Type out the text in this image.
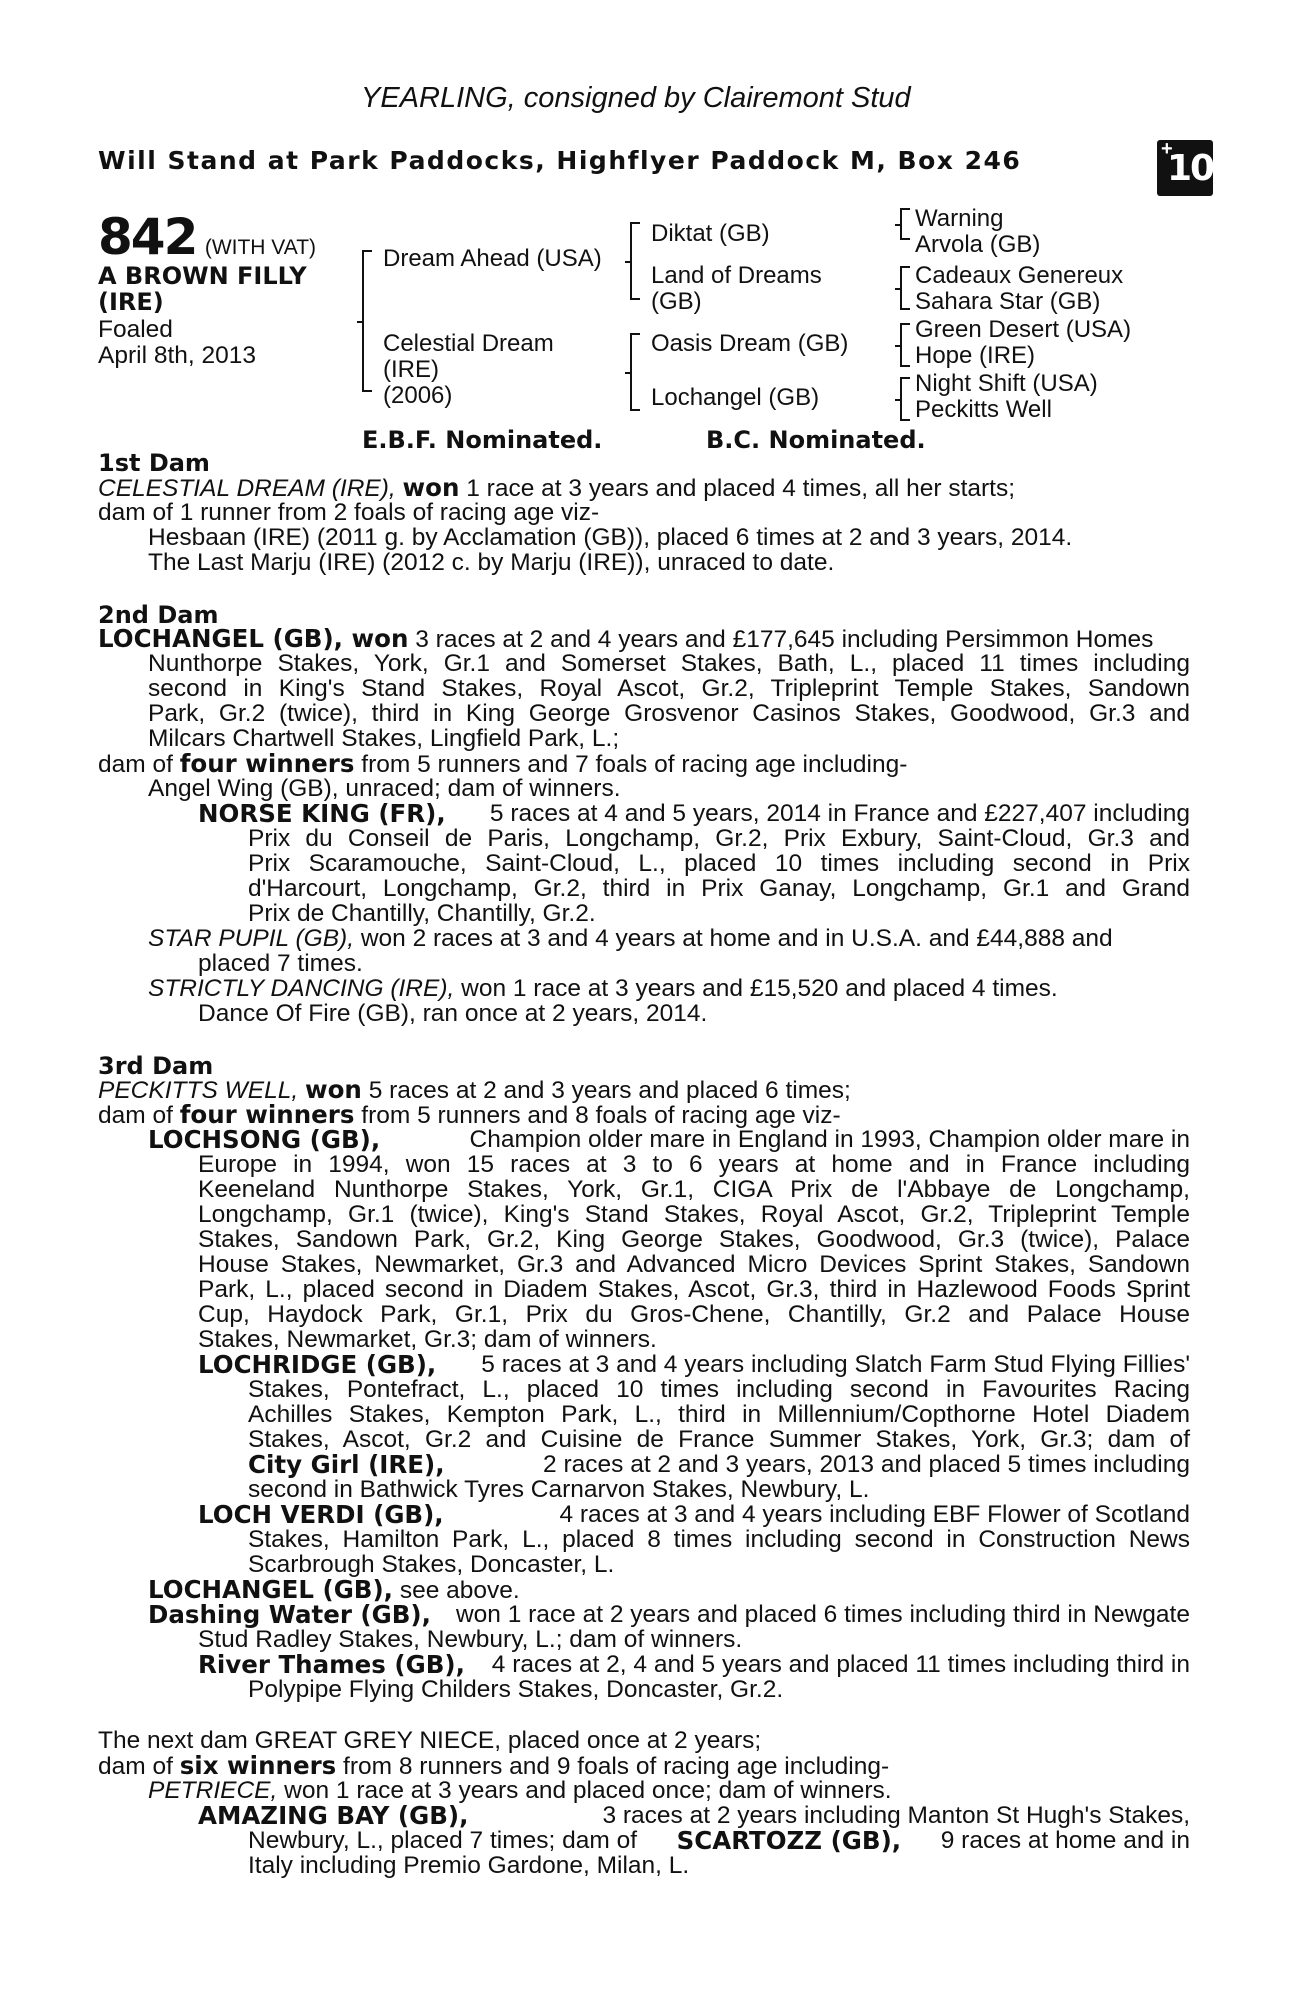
YEARLING, consigned by Clairemont Stud
Will Stand at Park Paddocks, Highflyer Paddock M, Box 246	+
10
842 (WITH VAT)
A BROWN FILLY
(IRE)
Foaled
April 8th, 2013
Dream Ahead (USA)
Celestial Dream
(IRE)
(2006)
Diktat (GB)
Land of Dreams
(GB)
Oasis Dream (GB)
Lochangel (GB)
Warning
Arvola (GB)
Cadeaux Genereux
Sahara Star (GB)
Green Desert (USA)
Hope (IRE)
Night Shift (USA)
Peckitts Well
E.B.F. Nominated.	B.C. Nominated.
1st Dam
CELESTIAL DREAM (IRE), won 1 race at 3 years and placed 4 times, all her starts;
dam of 1 runner from 2 foals of racing age viz-
Hesbaan (IRE) (2011 g. by Acclamation (GB)), placed 6 times at 2 and 3 years, 2014.
The Last Marju (IRE) (2012 c. by Marju (IRE)), unraced to date.
2nd Dam
LOCHANGEL (GB), won 3 races at 2 and 4 years and £177,645 including Persimmon Homes
Nunthorpe Stakes, York, Gr.1 and Somerset Stakes, Bath, L., placed 11 times including
second in King's Stand Stakes, Royal Ascot, Gr.2, Tripleprint Temple Stakes, Sandown
Park, Gr.2 (twice), third in King George Grosvenor Casinos Stakes, Goodwood, Gr.3 and
Milcars Chartwell Stakes, Lingfield Park, L.;
dam of four winners from 5 runners and 7 foals of racing age including-
Angel Wing (GB), unraced; dam of winners.
NORSE KING (FR), 5 races at 4 and 5 years, 2014 in France and £227,407 including
Prix du Conseil de Paris, Longchamp, Gr.2, Prix Exbury, Saint-Cloud, Gr.3 and
Prix Scaramouche, Saint-Cloud, L., placed 10 times including second in Prix
d'Harcourt, Longchamp, Gr.2, third in Prix Ganay, Longchamp, Gr.1 and Grand
Prix de Chantilly, Chantilly, Gr.2.
STAR PUPIL (GB), won 2 races at 3 and 4 years at home and in U.S.A. and £44,888 and
placed 7 times.
STRICTLY DANCING (IRE), won 1 race at 3 years and £15,520 and placed 4 times.
Dance Of Fire (GB), ran once at 2 years, 2014.
3rd Dam
PECKITTS WELL, won 5 races at 2 and 3 years and placed 6 times;
dam of four winners from 5 runners and 8 foals of racing age viz-
LOCHSONG (GB),	Champion older mare in England in 1993, Champion older mare in
Europe in 1994, won 15 races at 3 to 6 years at home and in France including
Keeneland Nunthorpe Stakes, York, Gr.1, CIGA Prix de l'Abbaye de Longchamp,
Longchamp, Gr.1 (twice), King's Stand Stakes, Royal Ascot, Gr.2, Tripleprint Temple
Stakes, Sandown Park, Gr.2, King George Stakes, Goodwood, Gr.3 (twice), Palace
House Stakes, Newmarket, Gr.3 and Advanced Micro Devices Sprint Stakes, Sandown
Park, L., placed second in Diadem Stakes, Ascot, Gr.3, third in Hazlewood Foods Sprint
Cup, Haydock Park, Gr.1, Prix du Gros-Chene, Chantilly, Gr.2 and Palace House
Stakes, Newmarket, Gr.3; dam of winners.
LOCHRIDGE (GB), 5 races at 3 and 4 years including Slatch Farm Stud Flying Fillies'
Stakes, Pontefract, L., placed 10 times including second in Favourites Racing
Achilles Stakes, Kempton Park, L., third in Millennium/Copthorne Hotel Diadem
Stakes, Ascot, Gr.2 and Cuisine de France Summer Stakes, York, Gr.3; dam of
City Girl (IRE),	2 races at 2 and 3 years, 2013 and placed 5 times including
second in Bathwick Tyres Carnarvon Stakes, Newbury, L.
LOCH VERDI (GB),	4 races at 3 and 4 years including EBF Flower of Scotland
Stakes, Hamilton Park, L., placed 8 times including second in Construction News
Scarbrough Stakes, Doncaster, L.
LOCHANGEL (GB), see above.
Dashing Water (GB), won 1 race at 2 years and placed 6 times including third in Newgate
Stud Radley Stakes, Newbury, L.; dam of winners.
River Thames (GB), 4 races at 2, 4 and 5 years and placed 11 times including third in
Polypipe Flying Childers Stakes, Doncaster, Gr.2.
The next dam GREAT GREY NIECE, placed once at 2 years;
dam of six winners from 8 runners and 9 foals of racing age including-
PETRIECE, won 1 race at 3 years and placed once; dam of winners.
AMAZING BAY (GB),	3 races at 2 years including Manton St Hugh's Stakes,
Newbury, L., placed 7 times; dam of SCARTOZZ (GB), 9 races at home and in
Italy including Premio Gardone, Milan, L.
